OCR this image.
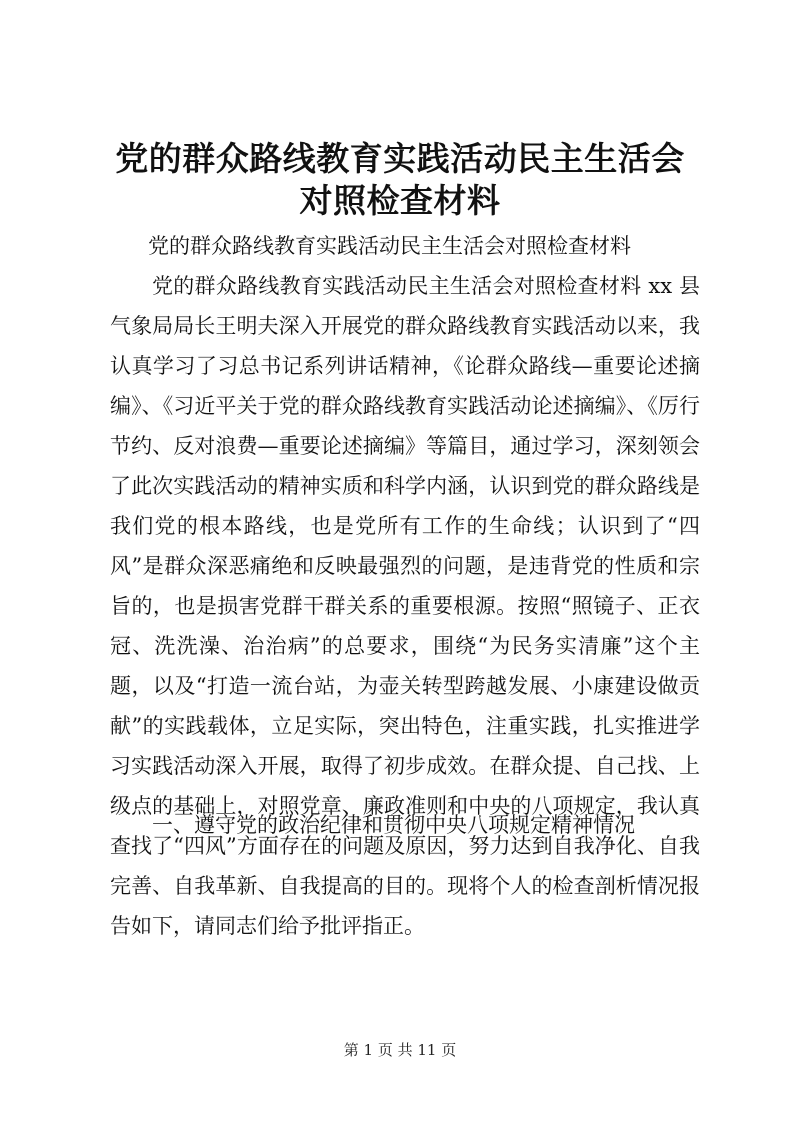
党的群众路线教育实践活动民主生活会对照检查材料

党的群众路线教育实践活动民主生活会对照检查材料

党的群众路线教育实践活动民主生活会对照检查材料 xx 县气象局局长王明夫深入开展党的群众路线教育实践活动以来，我认真学习了习总书记系列讲话精神，《论群众路线—重要论述摘编》、《习近平关于党的群众路线教育实践活动论述摘编》、《厉行节约、反对浪费—重要论述摘编》等篇目，通过学习，深刻领会了此次实践活动的精神实质和科学内涵，认识到党的群众路线是我们党的根本路线，也是党所有工作的生命线；认识到了“四风”是群众深恶痛绝和反映最强烈的问题，是违背党的性质和宗旨的，也是损害党群干群关系的重要根源。按照“照镜子、正衣冠、洗洗澡、治治病”的总要求，围绕“为民务实清廉”这个主题，以及“打造一流台站，为壶关转型跨越发展、小康建设做贡献”的实践载体，立足实际，突出特色，注重实践，扎实推进学习实践活动深入开展，取得了初步成效。在群众提、自己找、上级点的基础上，对照党章、廉政准则和中央的八项规定，我认真查找了“四风”方面存在的问题及原因，努力达到自我净化、自我完善、自我革新、自我提高的目的。现将个人的检查剖析情况报告如下，请同志们给予批评指正。

一、遵守党的政治纪律和贯彻中央八项规定精神情况

第 1 页 共 11 页
